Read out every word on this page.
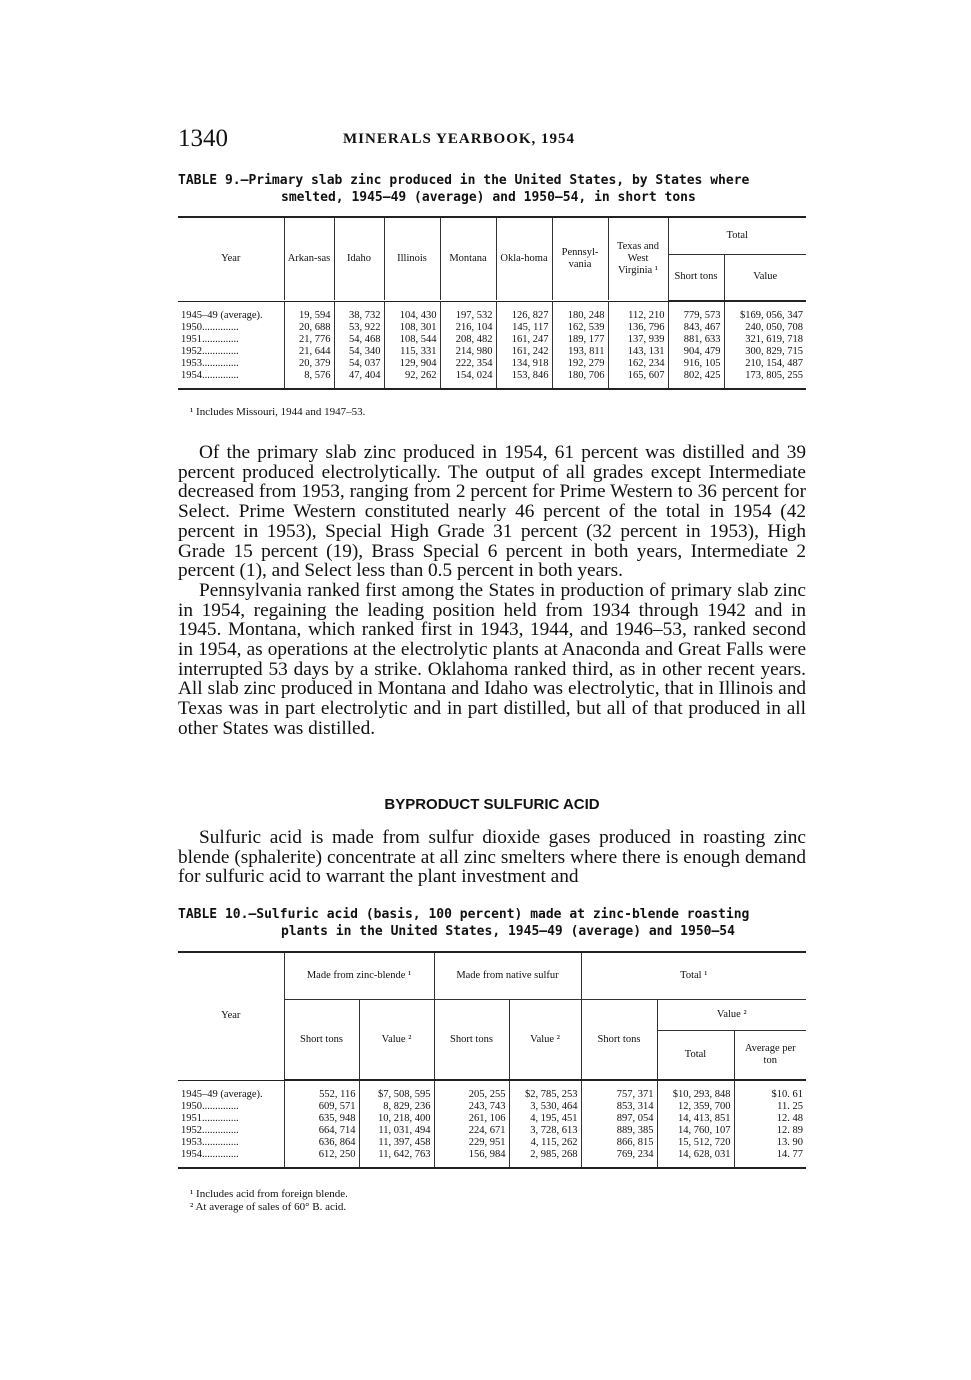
1340	MINERALS YEARBOOK, 1954
TABLE 9.—Primary slab zinc produced in the United States, by States where
smelted, 1945–49 (average) and 1950–54, in short tons
Year	Arkan-sas	Idaho	Illinois	Montana	Okla-homa	Pennsyl-vania	Texas and West Virginia ¹	Total	
								Short tons	Value

1945–49 (average).	19, 594	38, 732	104, 430	197, 532	126, 827	180, 248	112, 210	779, 573	$169, 056, 347
1950..............	20, 688	53, 922	108, 301	216, 104	145, 117	162, 539	136, 796	843, 467	240, 050, 708
1951..............	21, 776	54, 468	108, 544	208, 482	161, 247	189, 177	137, 939	881, 633	321, 619, 718
1952..............	21, 644	54, 340	115, 331	214, 980	161, 242	193, 811	143, 131	904, 479	300, 829, 715
1953..............	20, 379	54, 037	129, 904	222, 354	134, 918	192, 279	162, 234	916, 105	210, 154, 487
1954..............	8, 576	47, 404	92, 262	154, 024	153, 846	180, 706	165, 607	802, 425	173, 805, 255
¹ Includes Missouri, 1944 and 1947–53.

Of the primary slab zinc produced in 1954, 61 percent was distilled and 39 percent produced electrolytically. The output of all grades except Intermediate decreased from 1953, ranging from 2 percent for Prime Western to 36 percent for Select. Prime Western constituted nearly 46 percent of the total in 1954 (42 percent in 1953), Special High Grade 31 percent (32 percent in 1953), High Grade 15 percent (19), Brass Special 6 percent in both years, Intermediate 2 percent (1), and Select less than 0.5 percent in both years.

Pennsylvania ranked first among the States in production of primary slab zinc in 1954, regaining the leading position held from 1934 through 1942 and in 1945. Montana, which ranked first in 1943, 1944, and 1946–53, ranked second in 1954, as operations at the electrolytic plants at Anaconda and Great Falls were interrupted 53 days by a strike. Oklahoma ranked third, as in other recent years. All slab zinc produced in Montana and Idaho was electrolytic, that in Illinois and Texas was in part electrolytic and in part distilled, but all of that produced in all other States was distilled.

BYPRODUCT SULFURIC ACID

Sulfuric acid is made from sulfur dioxide gases produced in roasting zinc blende (sphalerite) concentrate at all zinc smelters where there is enough demand for sulfuric acid to warrant the plant investment and

TABLE 10.—Sulfuric acid (basis, 100 percent) made at zinc-blende roasting
plants in the United States, 1945–49 (average) and 1950–54
Year	Made from zinc-blende ¹		Made from native sulfur		Total ¹		
	Short tons	Value ²	Short tons	Value ²	Short tons	Value ²	
						Total	Average per ton

1945–49 (average).	552, 116	$7, 508, 595	205, 255	$2, 785, 253	757, 371	$10, 293, 848	$10. 61
1950..............	609, 571	8, 829, 236	243, 743	3, 530, 464	853, 314	12, 359, 700	11. 25
1951..............	635, 948	10, 218, 400	261, 106	4, 195, 451	897, 054	14, 413, 851	12. 48
1952..............	664, 714	11, 031, 494	224, 671	3, 728, 613	889, 385	14, 760, 107	12. 89
1953..............	636, 864	11, 397, 458	229, 951	4, 115, 262	866, 815	15, 512, 720	13. 90
1954..............	612, 250	11, 642, 763	156, 984	2, 985, 268	769, 234	14, 628, 031	14. 77
¹ Includes acid from foreign blende.
² At average of sales of 60° B. acid.
